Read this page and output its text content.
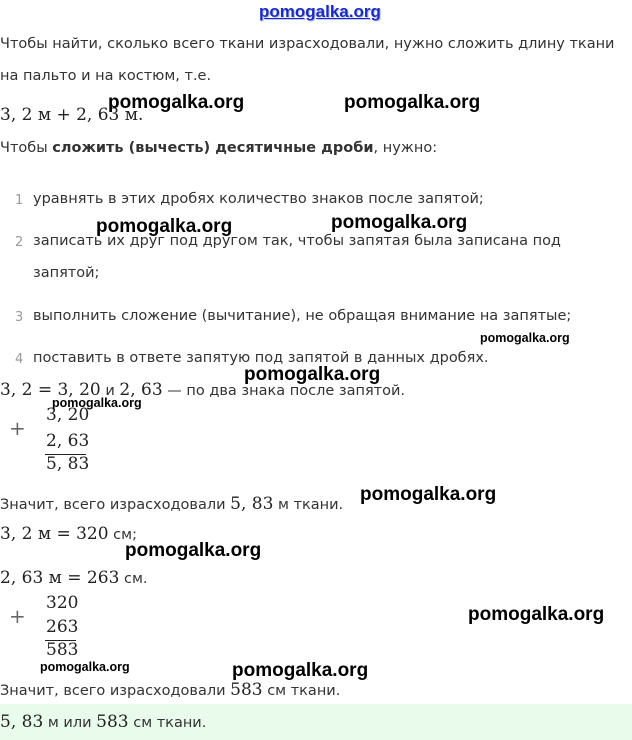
pomogalka.org
Чтобы найти, сколько всего ткани израсходовали, нужно сложить длину ткани
на пальто и на костюм, т.е.
3, 2 м + 2, 63 м.
Чтобы сложить (вычесть) десятичные дроби, нужно:
1 уравнять в этих дробях количество знаков после запятой;
2 записать их друг под другом так, чтобы запятая была записана под
запятой;
3 выполнить сложение (вычитание), не обращая внимание на запятые;
4 поставить в ответе запятую под запятой в данных дробях.
3, 2 = 3, 20 и 2, 63 — по два знака после запятой.
+
3, 20
2, 63
5, 83
Значит, всего израсходовали 5, 83 м ткани.
3, 2 м = 320 см;
2, 63 м = 263 см.
+
320
263
583
Значит, всего израсходовали 583 см ткани.
5, 83 м или 583 см ткани.
pomogalka.org	pomogalka.org
pomogalka.org	pomogalka.org
pomogalka.org
pomogalka.org
pomogalka.org
pomogalka.org
pomogalka.org
pomogalka.org
pomogalka.org	pomogalka.org
